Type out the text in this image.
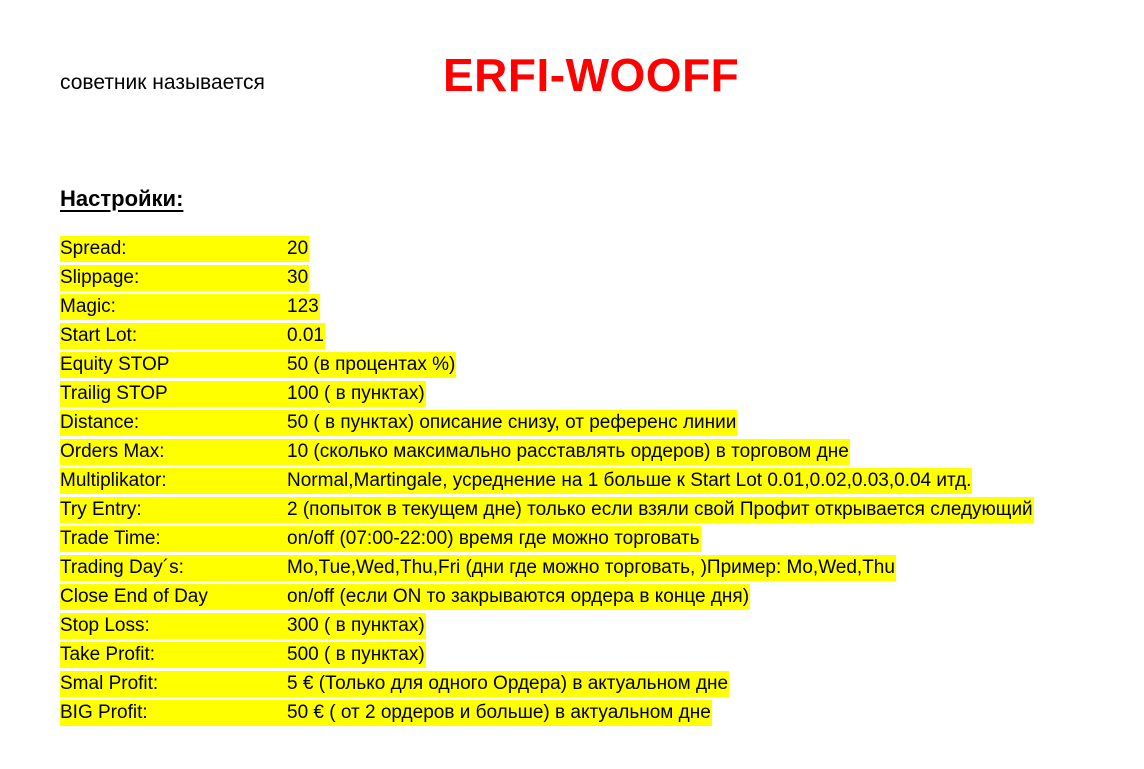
советник называется	ERFI-WOOFF
Настройки:
Spread:	20
Slippage:	30
Magic:	123
Start Lot:	0.01
Equity STOP	50 (в процентах %)
Trailig STOP	100 ( в пунктах)
Distance:	50 ( в пунктах) описание снизу, от референс линии
Orders Max:	10 (сколько максимально расставлять ордеров) в торговом дне
Multiplikator:	Normal,Martingale, усреднение на 1 больше к Start Lot 0.01,0.02,0.03,0.04 итд.
Try Entry:	2 (попыток в текущем дне) только если взяли свой Профит открывается следующий
Trade Time:	on/off (07:00-22:00) время где можно торговать
Trading Day´s:	Mo,Tue,Wed,Thu,Fri (дни где можно торговать, )Пример: Mo,Wed,Thu
Close End of Day	on/off (если ON то закрываются ордера в конце дня)
Stop Loss:	300 ( в пунктах)
Take Profit:	500 ( в пунктах)
Smal Profit:	5 € (Только для одного Ордера) в актуальном дне
BIG Profit:	50 € ( от 2 ордеров и больше) в актуальном дне
